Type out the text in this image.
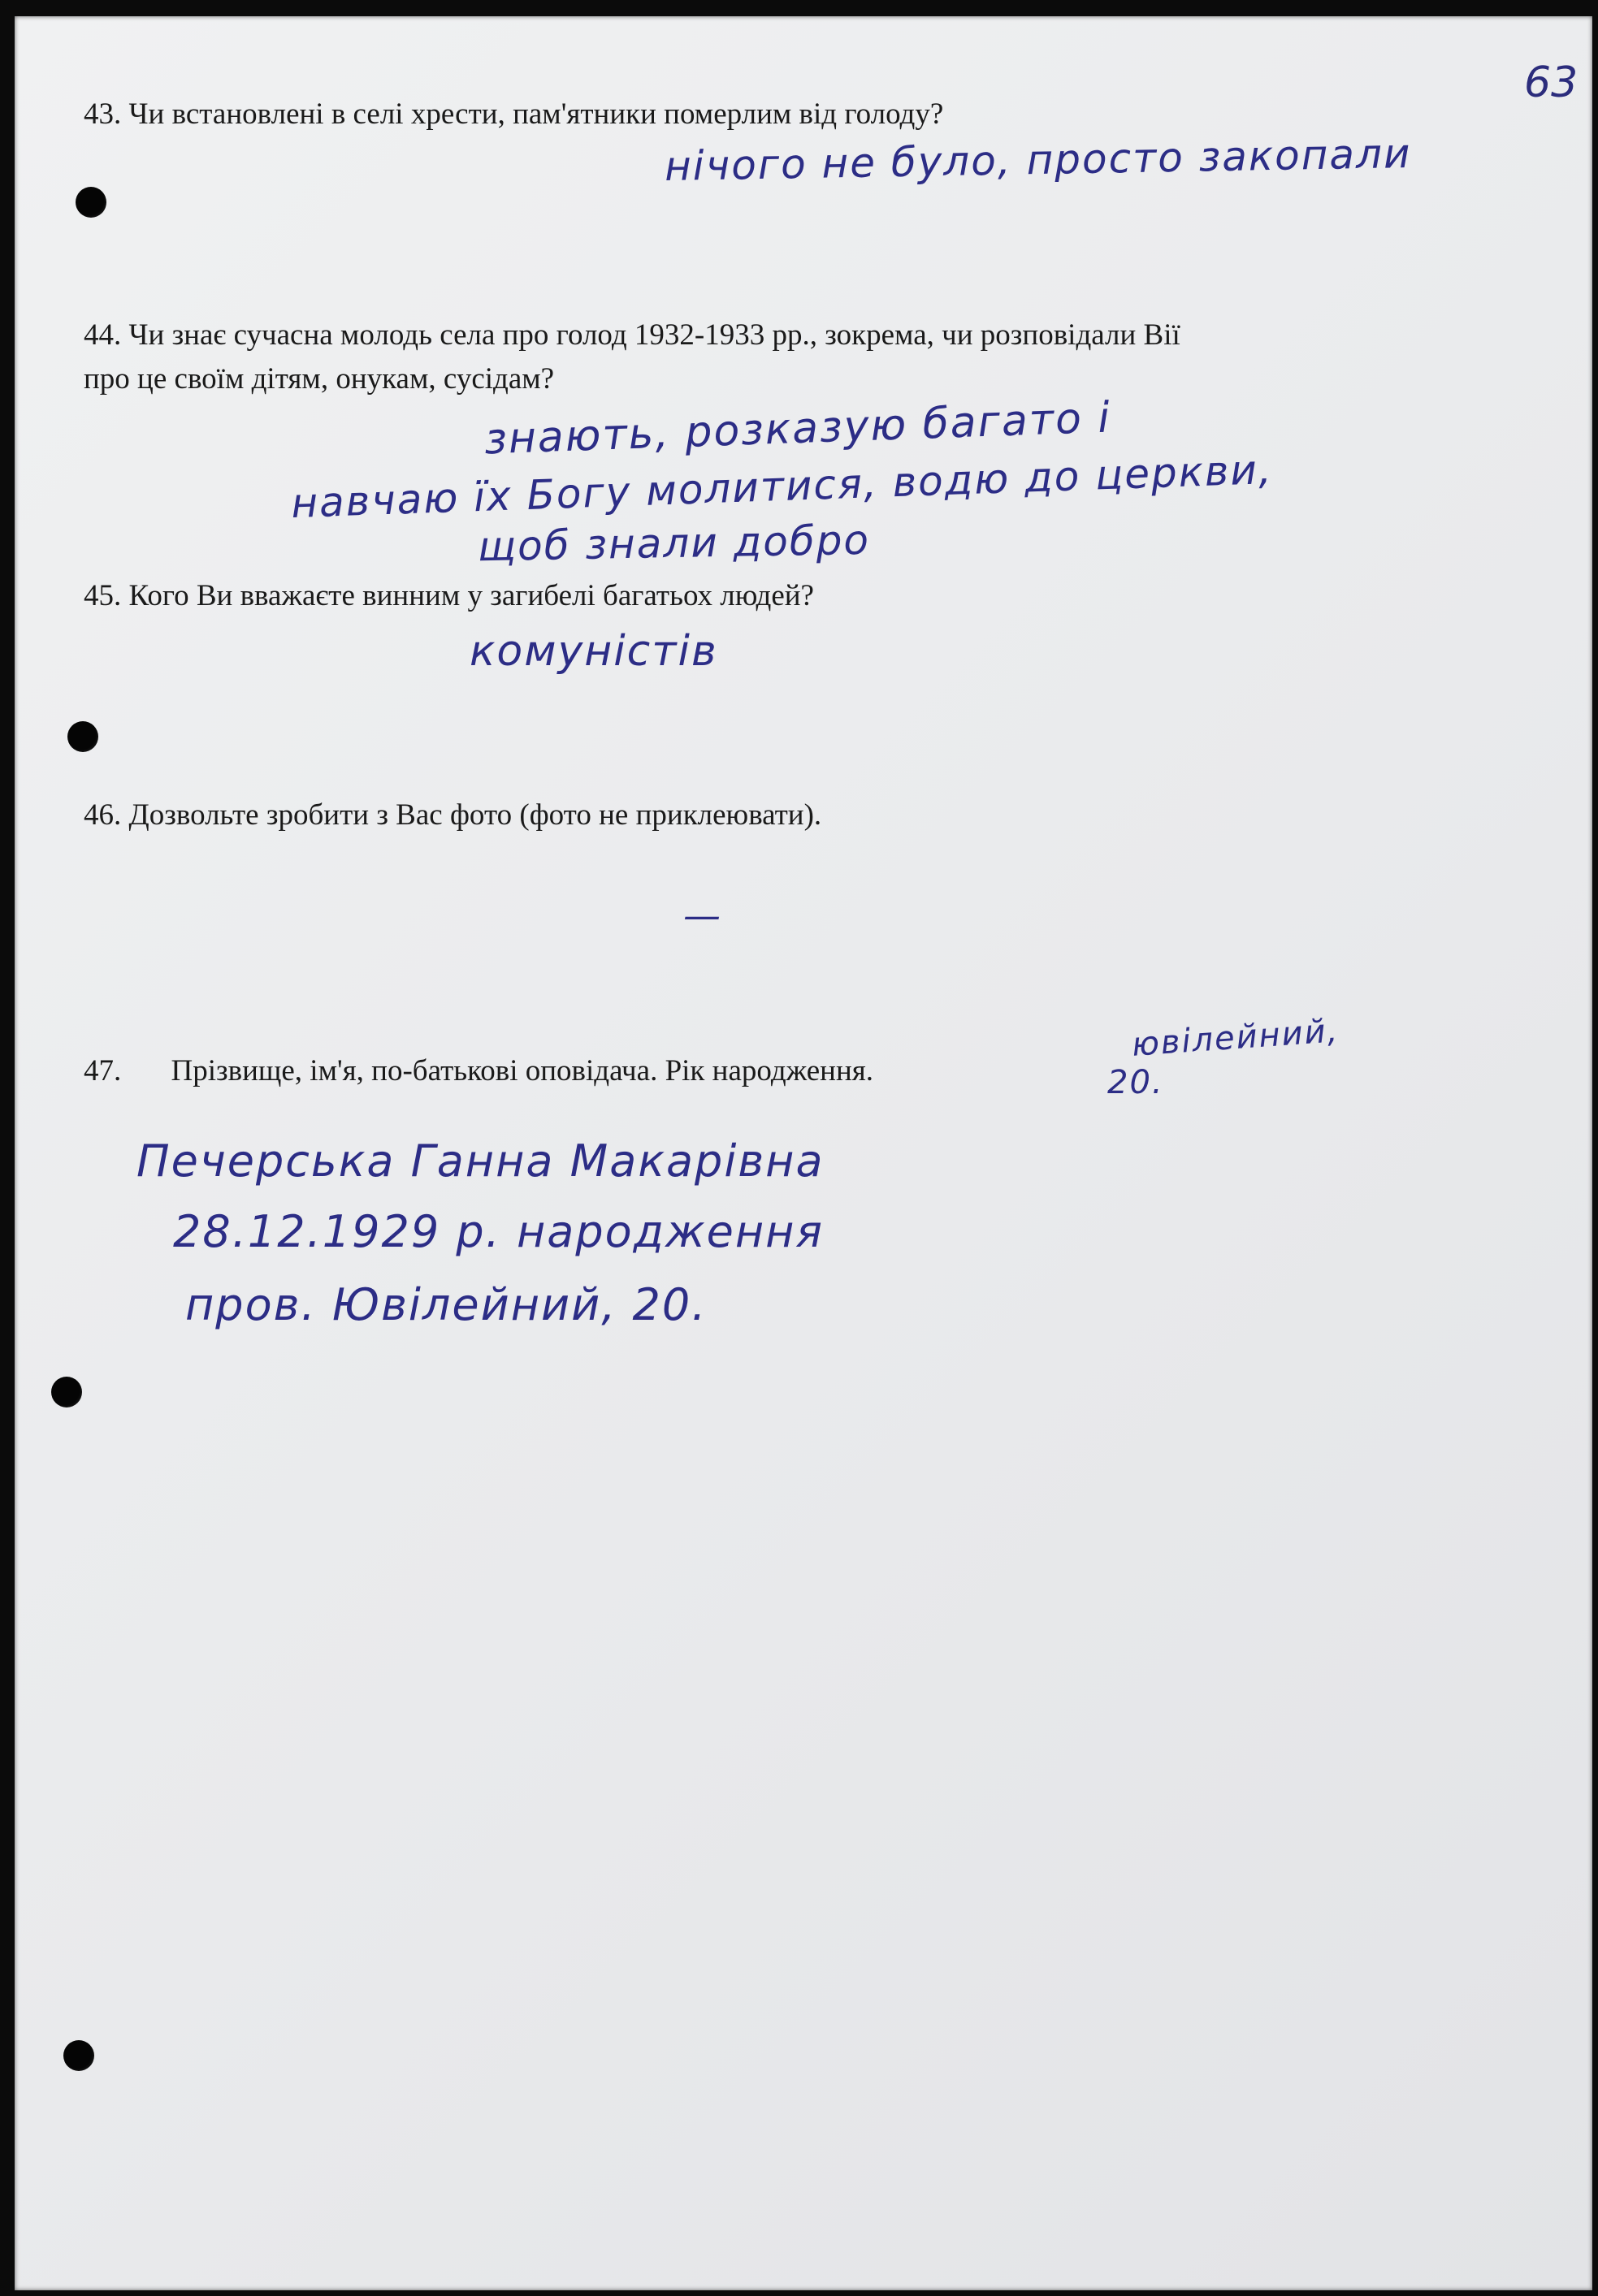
63
43. Чи встановлені в селі хрести, пам'ятники померлим від голоду?
нічого не було, просто закопали
44. Чи знає сучасна молодь села про голод 1932-1933 рр., зокрема, чи розповідали Вії
про це своїм дітям, онукам, сусідам?
знають, розказую багато і
навчаю їх Богу молитися, водю до церкви,
щоб знали добро
45. Кого Ви вважаєте винним у загибелі багатьох людей?
комуністів
46. Дозвольте зробити з Вас фото (фото не приклеювати).
—
47. Прізвище, ім'я, по-батькові оповідача. Рік народження.
ювілейний,
20.
Печерська Ганна Макарівна
28.12.1929 р. народження
пров. Ювілейний, 20.
